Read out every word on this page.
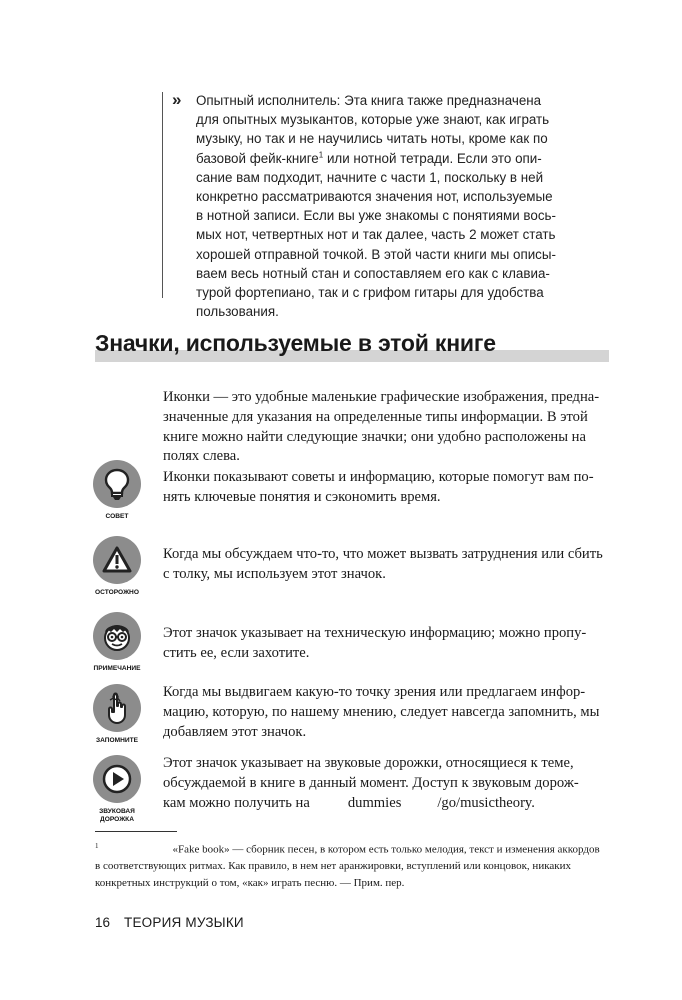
» Опытный исполнитель: Эта книга также предназначена
для опытных музыкантов, которые уже знают, как играть
музыку, но так и не научились читать ноты, кроме как по
базовой фейк-книге$^1$ или нотной тетради. Если это опи-
сание вам подходит, начните с части 1, поскольку в ней
конкретно рассматриваются значения нот, используемые
в нотной записи. Если вы уже знакомы с понятиями вось-
мых нот, четвертных нот и так далее, часть 2 может стать
хорошей отправной точкой. В этой части книги мы описы-
ваем весь нотный стан и сопоставляем его как с клавиа-
турой фортепиано, так и с грифом гитары для удобства
пользования.
Значки, используемые в этой книге
Иконки — это удобные маленькие графические изображения, предна-
значенные для указания на определенные типы информации. В этой
книге можно найти следующие значки; они удобно расположены на
полях слева.
СОВЕТ
Иконки показывают советы и информацию, которые помогут вам по-
нять ключевые понятия и сэкономить время.
ОСТОРОЖНО
Когда мы обсуждаем что-то, что может вызвать затруднения или сбить
с толку, мы используем этот значок.
ПРИМЕЧАНИЕ
Этот значок указывает на техническую информацию; можно пропу-
стить ее, если захотите.
ЗАПОМНИТЕ
Когда мы выдвигаем какую-то точку зрения или предлагаем инфор-
мацию, которую, по нашему мнению, следует навсегда запомнить, мы
добавляем этот значок.
ЗВУКОВАЯ
ДОРОЖКА
Этот значок указывает на звуковые дорожки, относящиеся к теме,
обсуждаемой в книге в данный момент. Доступ к звуковым дорож-
кам можно получить на	dummies /go/musictheory.
$^1$	«Fake book» — сборник песен, в котором есть только мелодия, текст и изменения аккордов
в соответствующих ритмах. Как правило, в нем нет аранжировки, вступлений или концовок, никаких
конкретных инструкций о том, «как» играть песню. — Прим. пер.
16 ТЕОРИЯ МУЗЫКИ
